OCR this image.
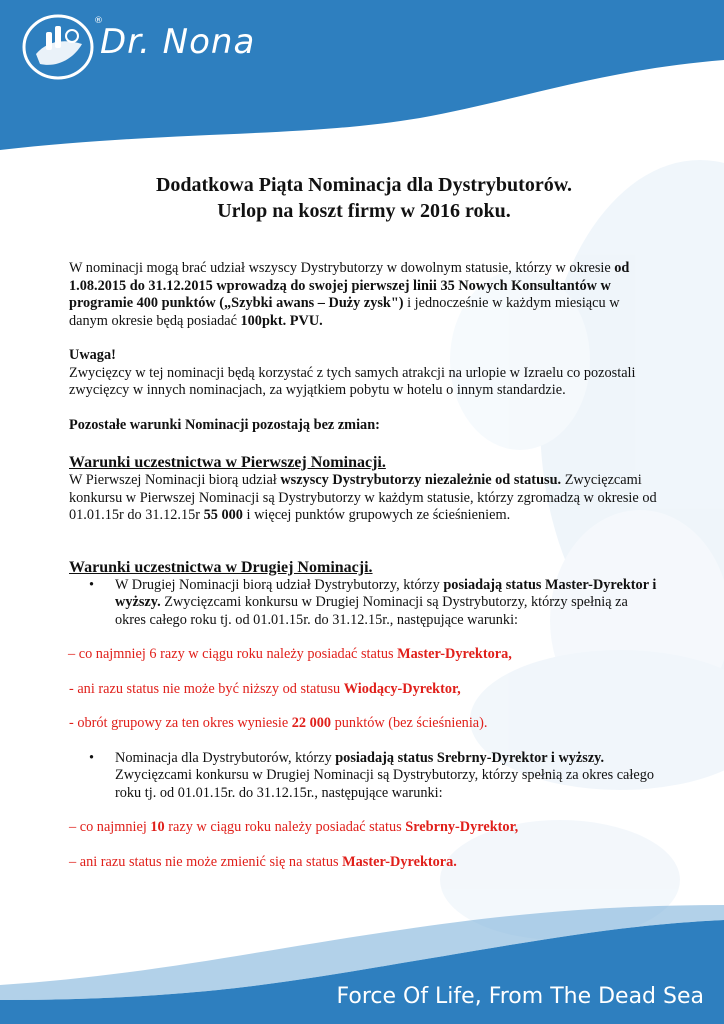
®
Dr. Nona
Dodatkowa Piąta Nominacja dla Dystrybutorów.
Urlop na koszt firmy w 2016 roku.

W nominacji mogą brać udział wszyscy Dystrybutorzy w dowolnym statusie, którzy w okresie od 1.08.2015 do 31.12.2015 wprowadzą do swojej pierwszej linii 35 Nowych Konsultantów w programie 400 punktów („Szybki awans – Duży zysk") i jednocześnie w każdym miesiącu w danym okresie będą posiadać 100pkt. PVU.

Uwaga!
Zwycięzcy w tej nominacji będą korzystać z tych samych atrakcji na urlopie w Izraelu co pozostali zwycięzcy w innych nominacjach, za wyjątkiem pobytu w hotelu o innym standardzie.

Pozostałe warunki Nominacji pozostają bez zmian:

Warunki uczestnictwa w Pierwszej Nominacji.

W Pierwszej Nominacji biorą udział wszyscy Dystrybutorzy niezależnie od statusu. Zwycięzcami konkursu w Pierwszej Nominacji są Dystrybutorzy w każdym statusie, którzy zgromadzą w okresie od 01.01.15r do 31.12.15r 55 000 i więcej punktów grupowych ze ścieśnieniem.

Warunki uczestnictwa w Drugiej Nominacji.

• W Drugiej Nominacji biorą udział Dystrybutorzy, którzy posiadają status Master-Dyrektor i wyższy. Zwycięzcami konkursu w Drugiej Nominacji są Dystrybutorzy, którzy spełnią za     okres całego roku tj. od 01.01.15r. do 31.12.15r., następujące warunki:

– co najmniej 6 razy w ciągu roku należy posiadać status Master-Dyrektora,

- ani razu status nie może być niższy od statusu Wiodący-Dyrektor,

- obrót grupowy za ten okres wyniesie 22 000 punktów (bez ścieśnienia).

• Nominacja dla Dystrybutorów, którzy posiadają status Srebrny-Dyrektor i wyższy. Zwycięzcami konkursu w Drugiej Nominacji są Dystrybutorzy, którzy spełnią za okres całego roku tj. od 01.01.15r. do 31.12.15r., następujące warunki:

– co najmniej 10 razy w ciągu roku należy posiadać status Srebrny-Dyrektor,

– ani razu status nie może zmienić się na status Master-Dyrektora.

Force Of Life, From The Dead Sea
